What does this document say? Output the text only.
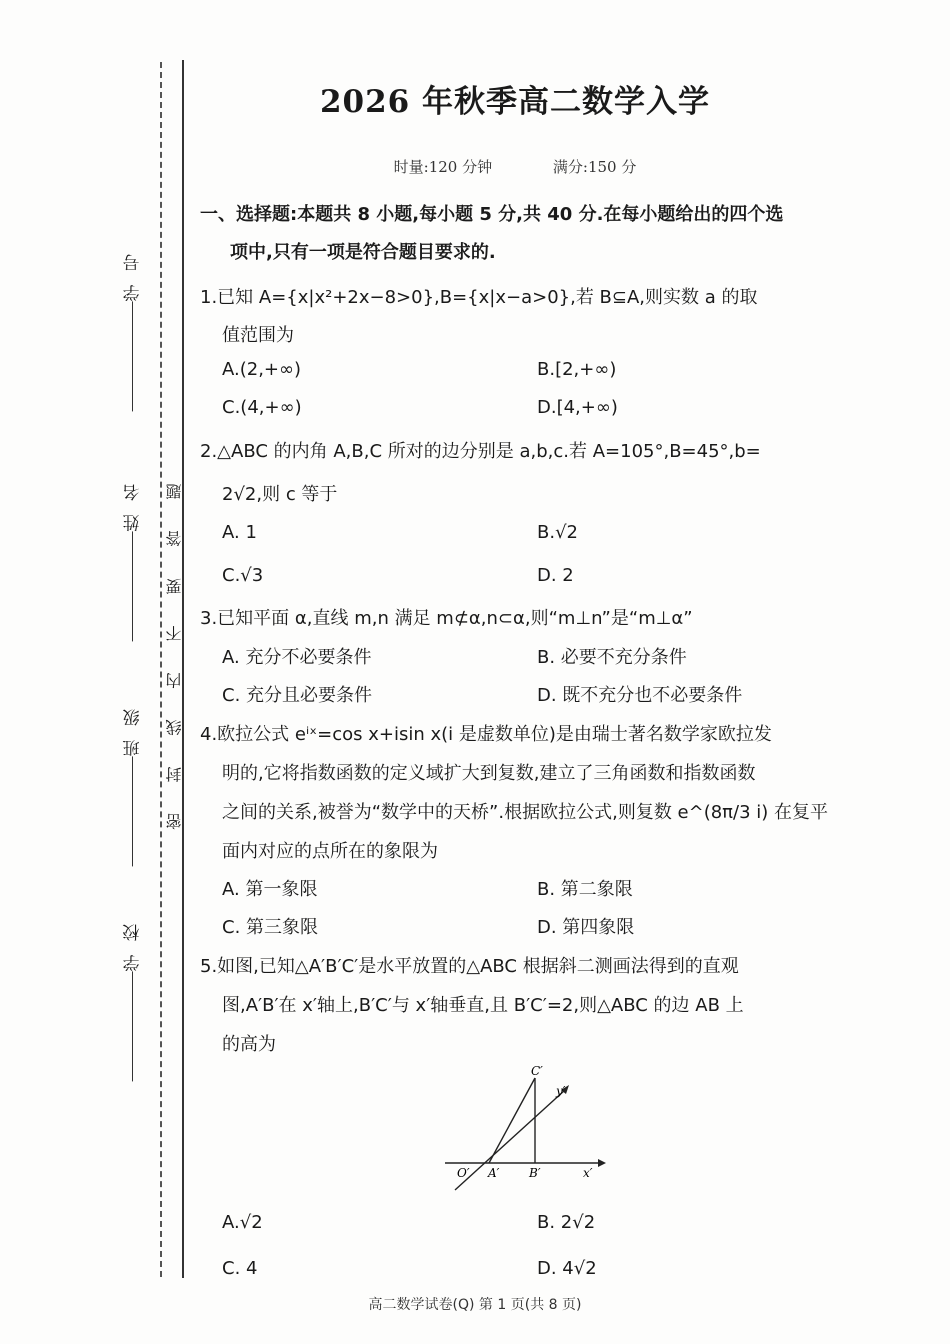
学 号
姓 名
班 级
学 校
密 封 线 内 不 要 答 题
2026 年秋季高二数学入学
时量:120 分钟	满分:150 分
一、选择题:本题共 8 小题,每小题 5 分,共 40 分.在每小题给出的四个选
项中,只有一项是符合题目要求的.
1.已知 A={x|x²+2x−8>0},B={x|x−a>0},若 B⊆A,则实数 a 的取
值范围为
A.(2,+∞)	B.[2,+∞)
C.(4,+∞)	D.[4,+∞)
2.△ABC 的内角 A,B,C 所对的边分别是 a,b,c.若 A=105°,B=45°,b=
2√2,则 c 等于
A. 1	B.√2
C.√3	D. 2
3.已知平面 α,直线 m,n 满足 m⊄α,n⊂α,则“m⊥n”是“m⊥α”
A. 充分不必要条件	B. 必要不充分条件
C. 充分且必要条件	D. 既不充分也不必要条件
4.欧拉公式 eⁱˣ=cos x+isin x(i 是虚数单位)是由瑞士著名数学家欧拉发
明的,它将指数函数的定义域扩大到复数,建立了三角函数和指数函数
之间的关系,被誉为“数学中的天桥”.根据欧拉公式,则复数 e^(8π/3 i) 在复平
面内对应的点所在的象限为
A. 第一象限	B. 第二象限
C. 第三象限	D. 第四象限
5.如图,已知△A′B′C′是水平放置的△ABC 根据斜二测画法得到的直观
图,A′B′在 x′轴上,B′C′与 x′轴垂直,且 B′C′=2,则△ABC 的边 AB 上
的高为
A.√2	B. 2√2
C. 4	D. 4√2
C′
y′
O′ A′ B′	x′
高二数学试卷(Q) 第 1 页(共 8 页)
